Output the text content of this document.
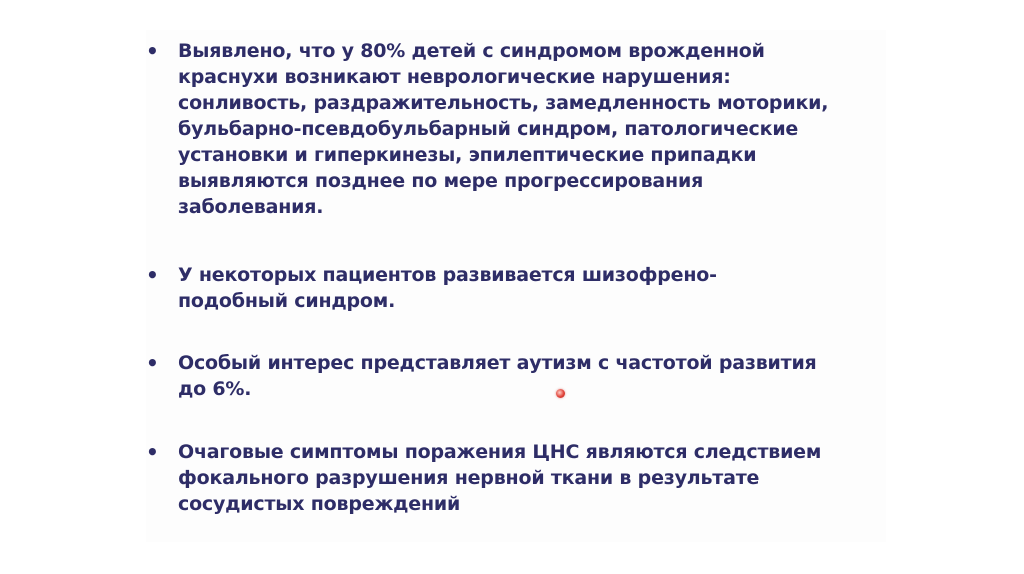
•	Выявлено, что у 80% детей с синдромом врожденной
краснухи возникают неврологические нарушения:
сонливость, раздражительность, замедленность моторики,
бульбарно-псевдобульбарный синдром, патологические
установки и гиперкинезы, эпилептические припадки
выявляются позднее по мере прогрессирования
заболевания.
•	У некоторых пациентов развивается шизофрено-
подобный синдром.
•	Особый интерес представляет аутизм с частотой развития
до 6%.
•	Очаговые симптомы поражения ЦНС являются следствием
фокального разрушения нервной ткани в результате
сосудистых повреждений
